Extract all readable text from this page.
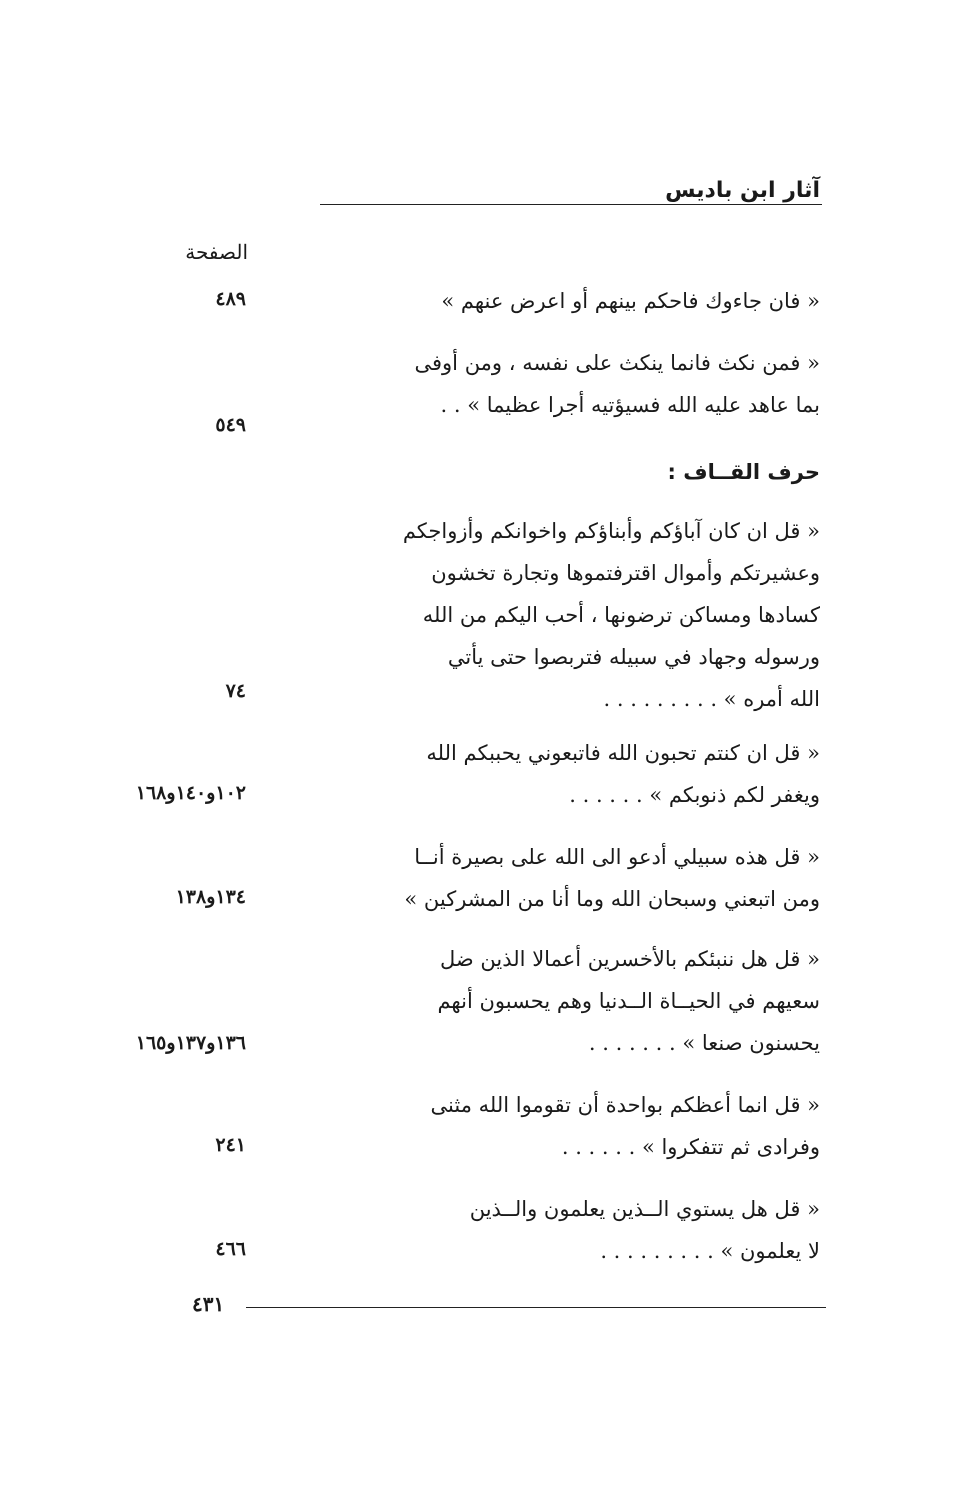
آثار ابن باديس
الصفحة
« فان جاءوك فاحكم بينهم أو اعرض عنهم »
٤٨٩
« فمن نكث فانما ينكث على نفسه ، ومن أوفى
بما عاهد عليه الله فسيؤتيه أجرا عظيما » . .
٥٤٩
حرف القــاف :
« قل ان كان آباؤكم وأبناؤكم واخوانكم وأزواجكم
وعشيرتكم وأموال اقترفتموها وتجارة تخشون
كسادها ومساكن ترضونها ، أحب اليكم من الله
ورسوله وجهاد في سبيله فتربصوا حتى يأتي
الله أمره » . . . . . . . . .
٧٤
« قل ان كنتم تحبون الله فاتبعوني يحببكم الله
ويغفر لكم ذنوبكم » . . . . . .
١٠٢و١٤٠و١٦٨
« قل هذه سبيلي أدعو الى الله على بصيرة أنــا
ومن اتبعني وسبحان الله وما أنا من المشركين »
١٣٤و١٣٨
« قل هل ننبئكم بالأخسرين أعمالا الذين ضل
سعيهم في الحيــاة الــدنيا وهم يحسبون أنهم
يحسنون صنعا » . . . . . . .
١٣٦و١٣٧و١٦٥
« قل انما أعظكم بواحدة أن تقوموا الله مثنى
وفرادى ثم تتفكروا » . . . . . .
٢٤١
« قل هل يستوي الــذين يعلمون والــذين
لا يعلمون » . . . . . . . . .
٤٦٦
٤٣١
